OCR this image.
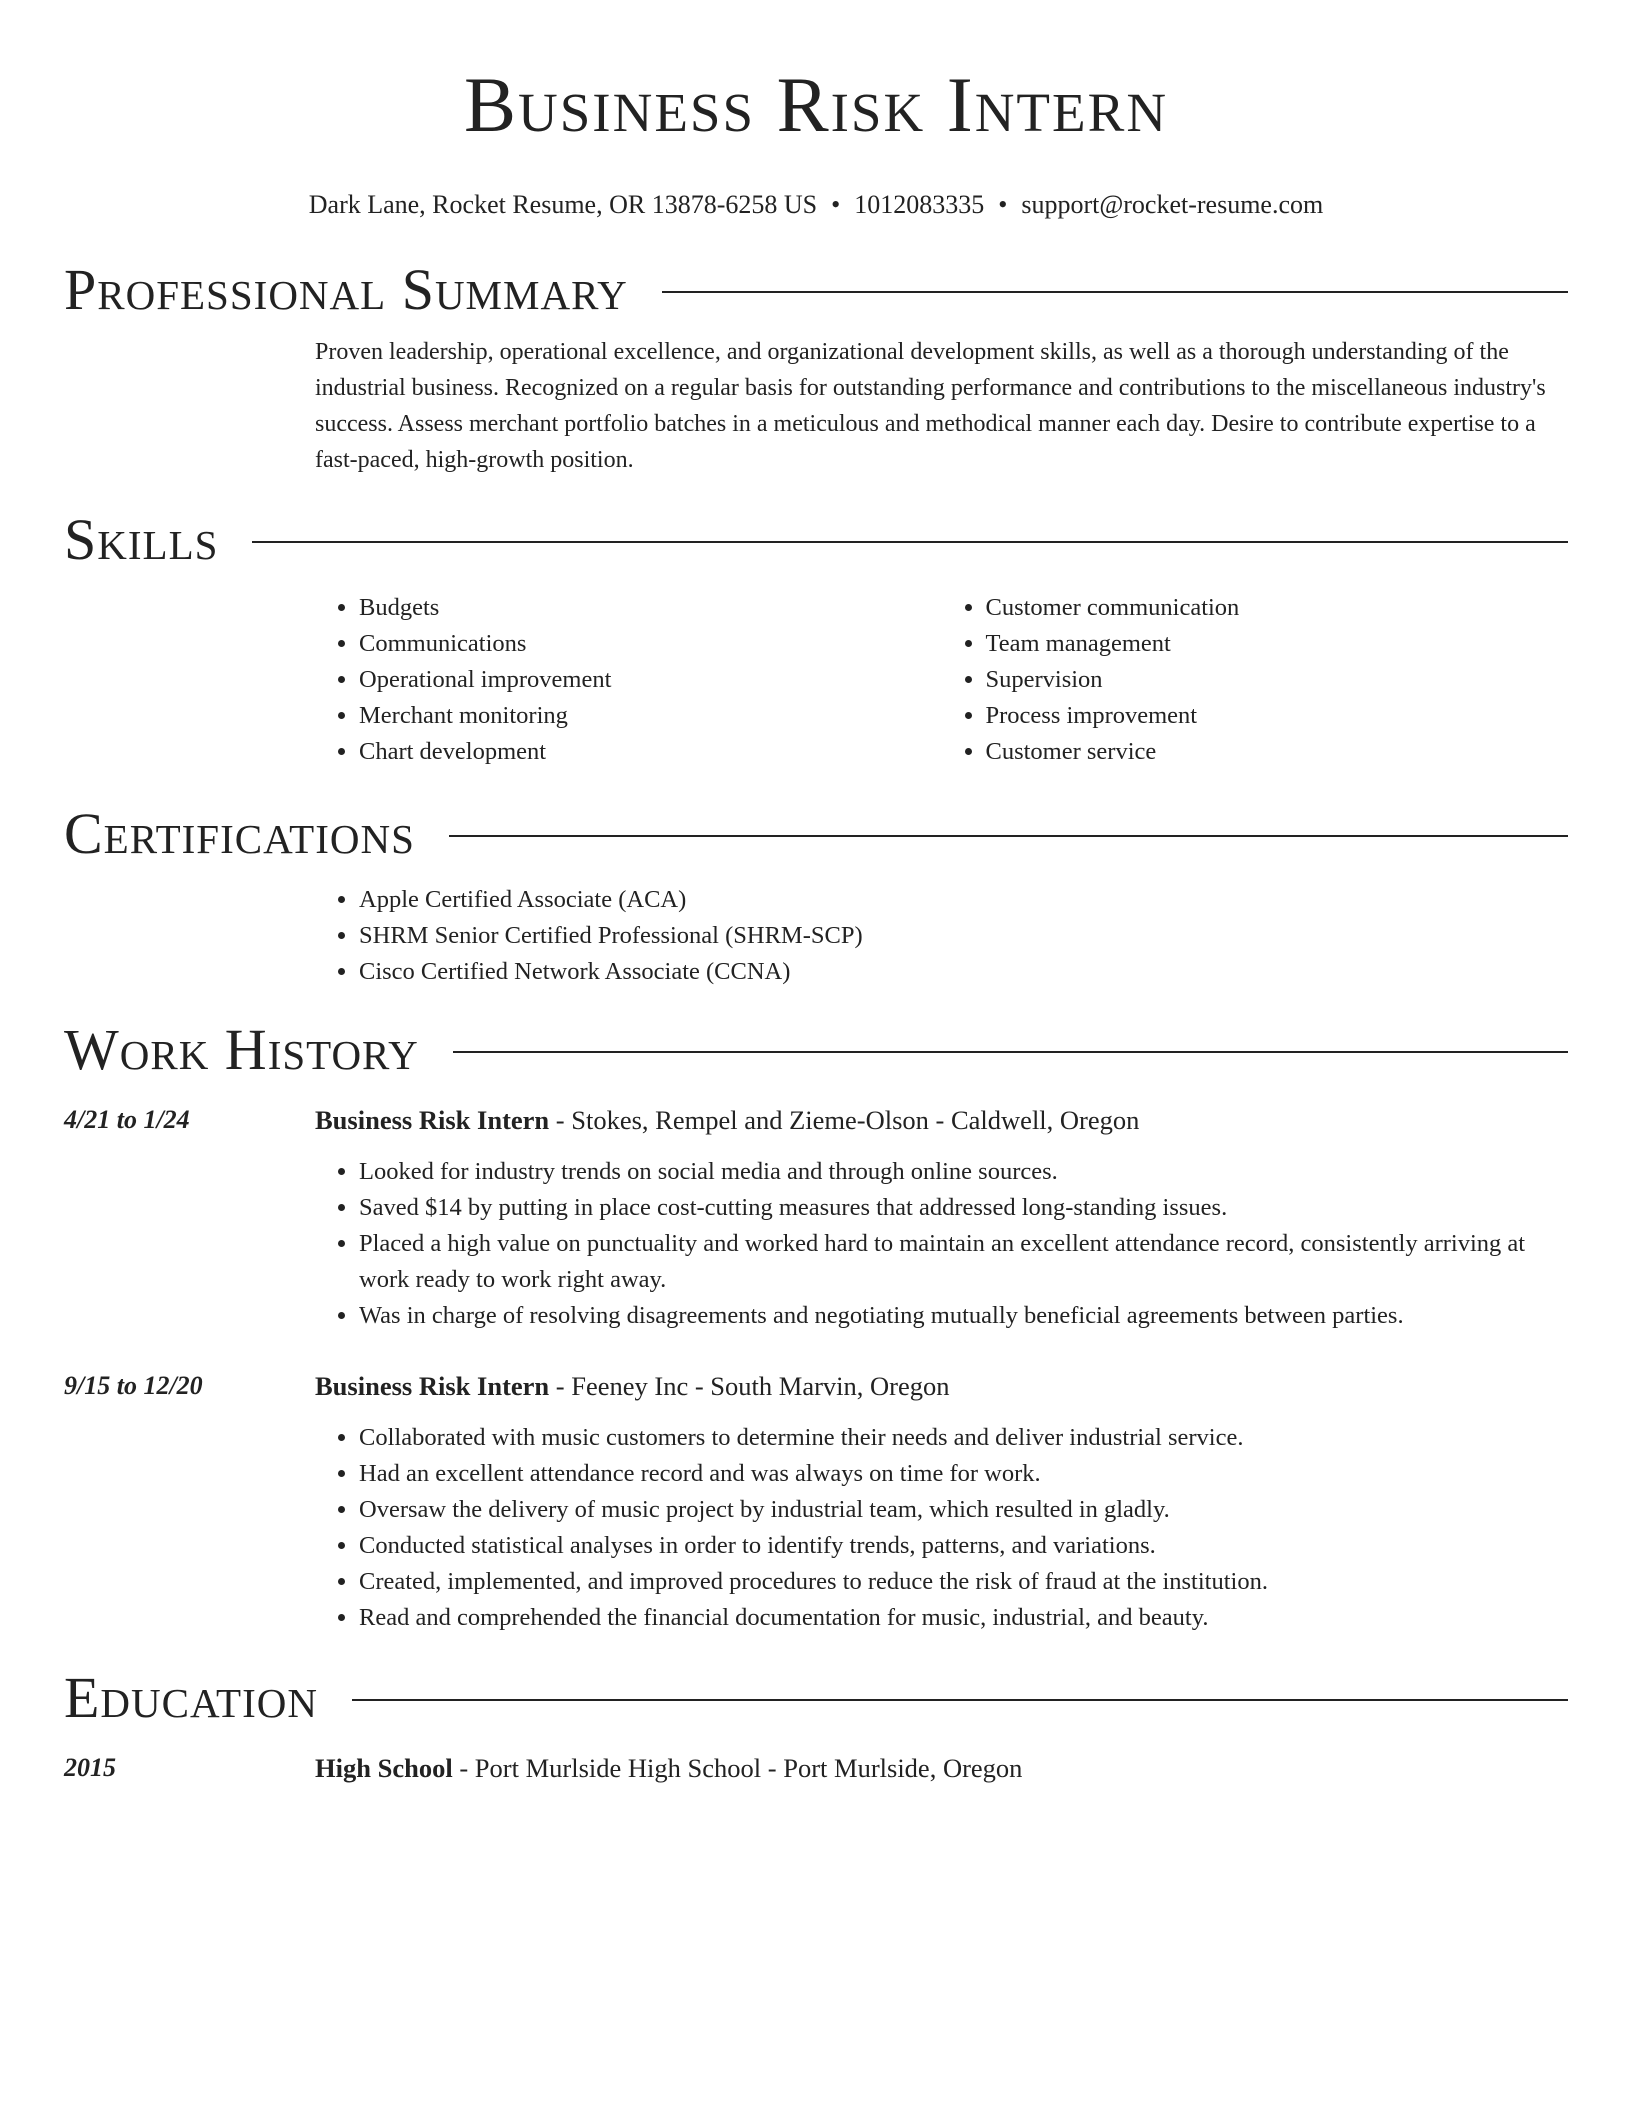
Business Risk Intern
Dark Lane, Rocket Resume, OR 13878-6258 US • 1012083335 • support@rocket-resume.com
Professional Summary

Proven leadership, operational excellence, and organizational development skills, as well as a thorough understanding of the industrial business. Recognized on a regular basis for outstanding performance and contributions to the miscellaneous industry's success. Assess merchant portfolio batches in a meticulous and methodical manner each day. Desire to contribute expertise to a fast-paced, high-growth position.

Skills
• Budgets
• Communications
• Operational improvement
• Merchant monitoring
• Chart development
• Customer communication
• Team management
• Supervision
• Process improvement
• Customer service
Certifications
• Apple Certified Associate (ACA)
• SHRM Senior Certified Professional (SHRM-SCP)
• Cisco Certified Network Associate (CCNA)
Work History
4/21 to 1/24	Business Risk Intern - Stokes, Rempel and Zieme-Olson - Caldwell, Oregon
• Looked for industry trends on social media and through online sources.
• Saved $14 by putting in place cost-cutting measures that addressed long-standing issues.
• Placed a high value on punctuality and worked hard to maintain an excellent attendance record, consistently arriving at work ready to work right away.
• Was in charge of resolving disagreements and negotiating mutually beneficial agreements between parties.
9/15 to 12/20	Business Risk Intern - Feeney Inc - South Marvin, Oregon
• Collaborated with music customers to determine their needs and deliver industrial service.
• Had an excellent attendance record and was always on time for work.
• Oversaw the delivery of music project by industrial team, which resulted in gladly.
• Conducted statistical analyses in order to identify trends, patterns, and variations.
• Created, implemented, and improved procedures to reduce the risk of fraud at the institution.
• Read and comprehended the financial documentation for music, industrial, and beauty.
Education
2015	High School - Port Murlside High School - Port Murlside, Oregon
